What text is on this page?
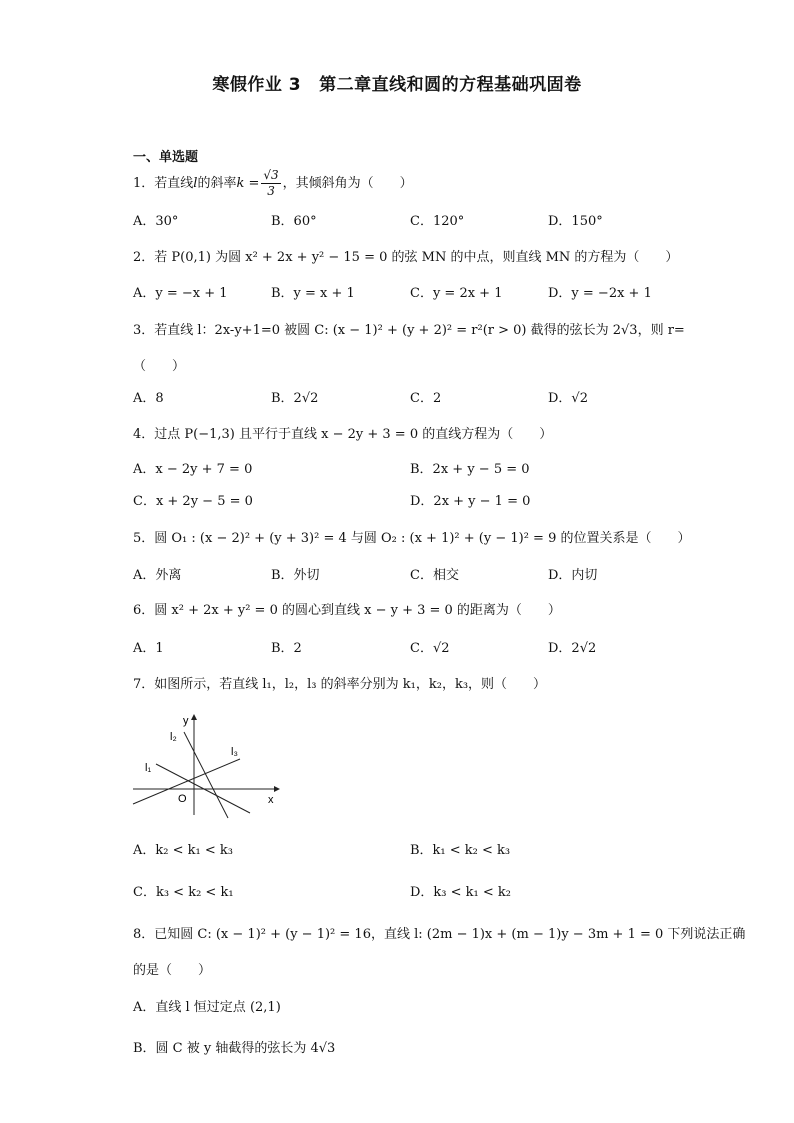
寒假作业 3 第二章直线和圆的方程基础巩固卷
一、单选题
1．若直线l的斜率$k = \frac{√3}{3}$ ，其倾斜角为（　　）
A．30°	B．60°	C．120°	D．150°
2．若 P(0,1) 为圆 x² + 2x + y² − 15 = 0 的弦 MN 的中点，则直线 MN 的方程为（　　）
A．y = −x + 1	B．y = x + 1	C．y = 2x + 1	D．y = −2x + 1
3．若直线 l：2x-y+1=0 被圆 C: (x − 1)² + (y + 2)² = r²(r > 0) 截得的弦长为 2√3，则 r=
（　　）
A．8	B．2√2	C．2	D．√2
4．过点 P(−1,3) 且平行于直线 x − 2y + 3 = 0 的直线方程为（　　）
A．x − 2y + 7 = 0	B．2x + y − 5 = 0
C．x + 2y − 5 = 0	D．2x + y − 1 = 0
5．圆 O₁ : (x − 2)² + (y + 3)² = 4 与圆 O₂ : (x + 1)² + (y − 1)² = 9 的位置关系是（　　）
A．外离	B．外切	C．相交	D．内切
6．圆 x² + 2x + y² = 0 的圆心到直线 x − y + 3 = 0 的距离为（　　）
A．1	B．2	C．√2	D．2√2
7．如图所示，若直线 l₁，l₂，l₃ 的斜率分别为 k₁，k₂，k₃，则（　　）
y
x
O
l₁
l₂
l₃
A．k₂ < k₁ < k₃	B．k₁ < k₂ < k₃
C．k₃ < k₂ < k₁	D．k₃ < k₁ < k₂
8．已知圆 C: (x − 1)² + (y − 1)² = 16，直线 l: (2m − 1)x + (m − 1)y − 3m + 1 = 0 下列说法正确
的是（　　）
A．直线 l 恒过定点 (2,1)
B．圆 C 被 y 轴截得的弦长为 4√3
